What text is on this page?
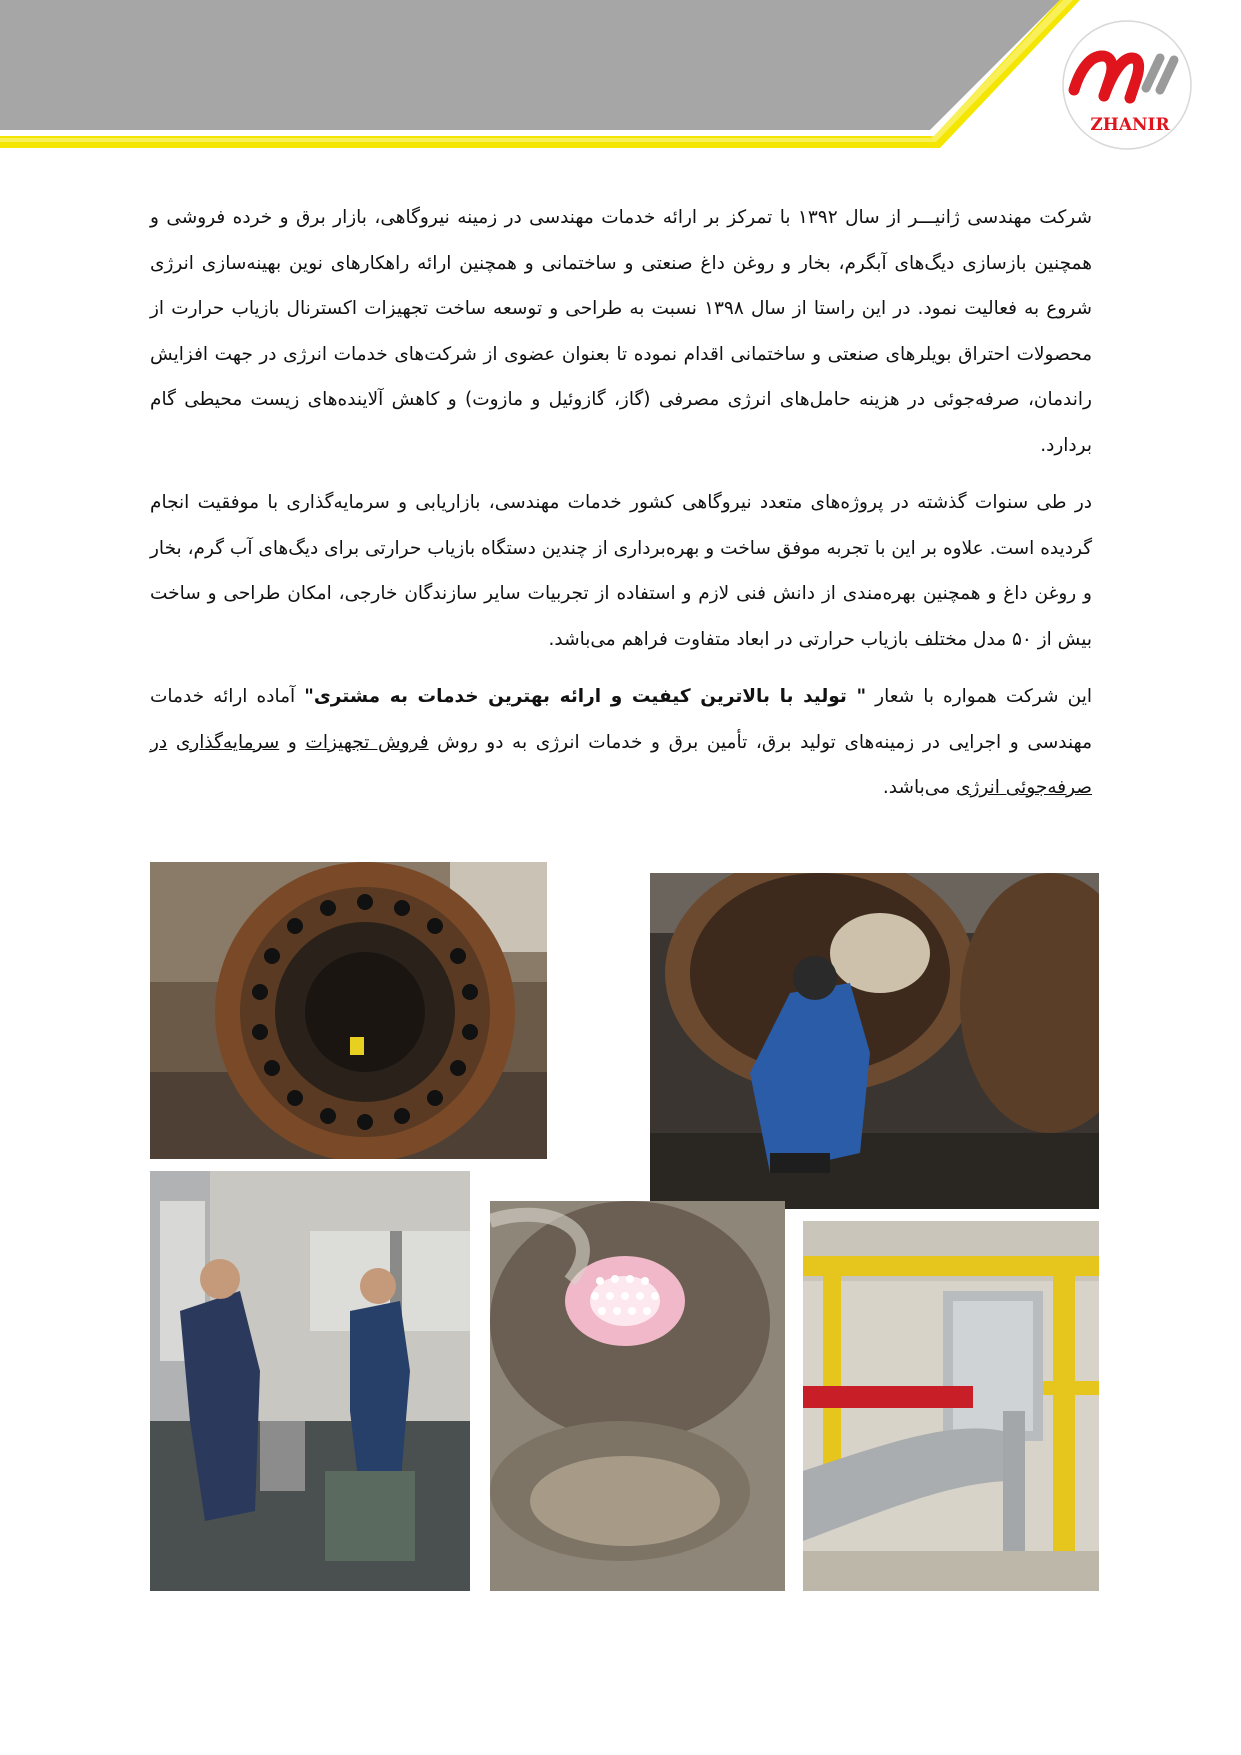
ZHANIR

شرکت مهندسی ژانیـــر از سال ۱۳۹۲ با تمرکز بر ارائه خدمات مهندسی در زمینه نیروگاهی، بازار برق و خرده فروشی و همچنین بازسازی دیگ‌های آبگرم، بخار و روغن داغ صنعتی و ساختمانی و همچنین ارائه راهکارهای نوین بهینه‌سازی انرژی شروع به فعالیت نمود. در این راستا از سال ۱۳۹۸ نسبت به طراحی و توسعه ساخت تجهیزات اکسترنال بازیاب حرارت از محصولات احتراق بویلرهای صنعتی و ساختمانی اقدام نموده تا بعنوان عضوی از شرکت‌های خدمات انرژی در جهت افزایش راندمان، صرفه‌جوئی در هزینه حامل‌های انرژی مصرفی (گاز، گازوئیل و مازوت) و کاهش آلاینده‌های زیست محیطی گام بردارد.

در طی سنوات گذشته در پروژه‌های متعدد نیروگاهی کشور خدمات مهندسی، بازاریابی و سرمایه‌گذاری با موفقیت انجام گردیده است. علاوه بر این با تجربه موفق ساخت و بهره‌برداری از چندین دستگاه بازیاب حرارتی برای دیگ‌های آب گرم، بخار و روغن داغ و همچنین بهره‌مندی از دانش فنی لازم و استفاده از تجربیات سایر سازندگان خارجی، امکان طراحی و ساخت بیش از ۵۰ مدل مختلف بازیاب حرارتی در ابعاد متفاوت فراهم می‌باشد.

این شرکت همواره با شعار " تولید با بالاترین کیفیت و ارائه بهترین خدمات به مشتری" آماده ارائه خدمات مهندسی و اجرایی در زمینه‌های تولید برق، تأمین برق و خدمات انرژی به دو روش فروش تجهیزات و سرمایه‌گذاری در صرفه‌جوئی انرژی می‌باشد.
